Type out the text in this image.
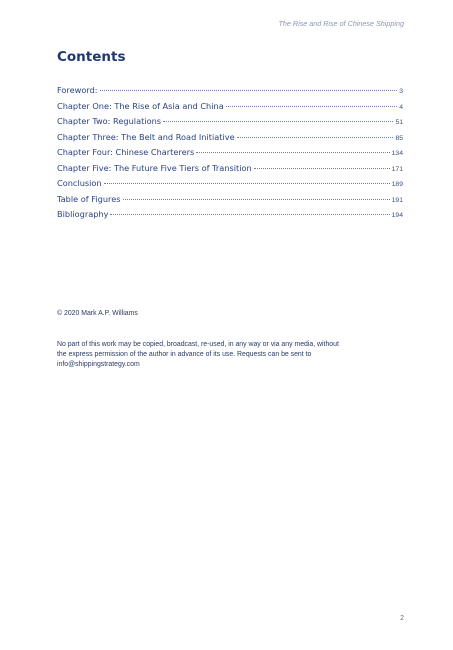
The Rise and Rise of Chinese Shipping
Contents
Foreword:	3
Chapter One: The Rise of Asia and China	4
Chapter Two: Regulations	51
Chapter Three: The Belt and Road Initiative	85
Chapter Four: Chinese Charterers	134
Chapter Five: The Future Five Tiers of Transition	171
Conclusion	189
Table of Figures	191
Bibliography	194
© 2020 Mark A.P. Williams

No part of this work may be copied, broadcast, re-used, in any way or via any media, without
the express permission of the author in advance of its use. Requests can be sent to
info@shippingstrategy.com

2
